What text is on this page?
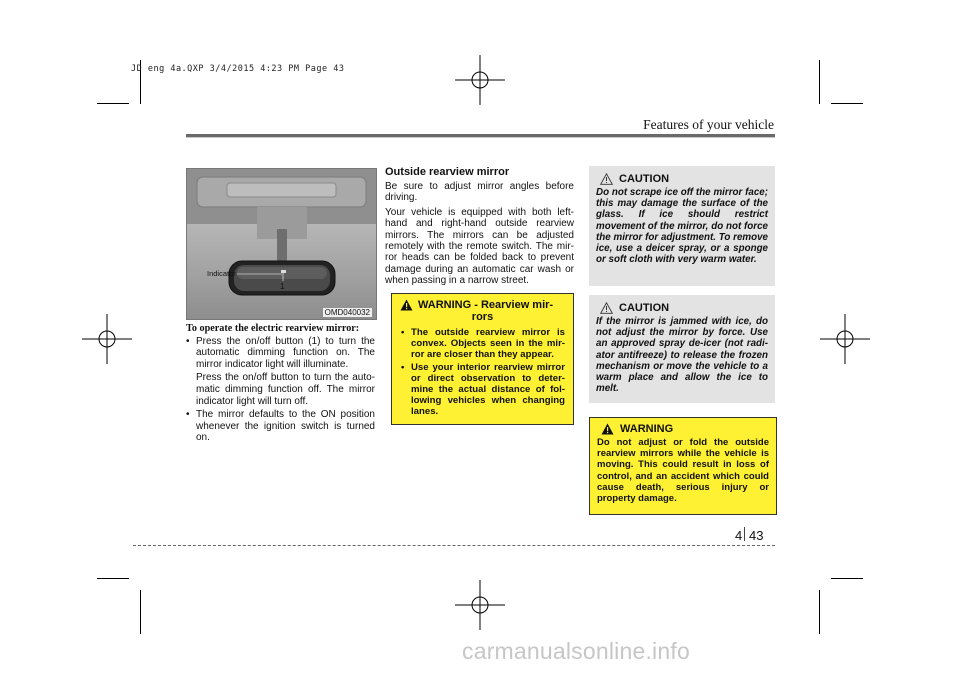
JD eng 4a.QXP 3/4/2015 4:23 PM Page 43
Features of your vehicle
Indicator
1
OMD040032
To operate the electric rearview mirror:
• Press the on/off button (1) to turn the automatic dimming function on. The mirror indicator light will illuminate.
Press the on/off button to turn the auto-matic dimming function off. The mirror indicator light will turn off.
• The mirror defaults to the ON position whenever the ignition switch is turned on.
Outside rearview mirror

Be sure to adjust mirror angles before driving.

Your vehicle is equipped with both left-hand and right-hand outside rearview mirrors. The mirrors can be adjusted remotely with the remote switch. The mir-ror heads can be folded back to prevent damage during an automatic car wash or when passing in a narrow street.

WARNING - Rearview mir-
rors
• The outside rearview mirror is convex. Objects seen in the mir-ror are closer than they appear.
• Use your interior rearview mirror or direct observation to deter-mine the actual distance of fol-lowing vehicles when changing lanes.
CAUTION
Do not scrape ice off the mirror face; this may damage the surface of the glass. If ice should restrict movement of the mirror, do not force the mirror for adjustment. To remove ice, use a deicer spray, or a sponge or soft cloth with very warm water.
CAUTION
If the mirror is jammed with ice, do not adjust the mirror by force. Use an approved spray de-icer (not radi-ator antifreeze) to release the frozen mechanism or move the vehicle to a warm place and allow the ice to melt.
WARNING
Do not adjust or fold the outside rearview mirrors while the vehicle is moving. This could result in loss of control, and an accident which could cause death, serious injury or property damage.
4 43
carmanualsonline.info
